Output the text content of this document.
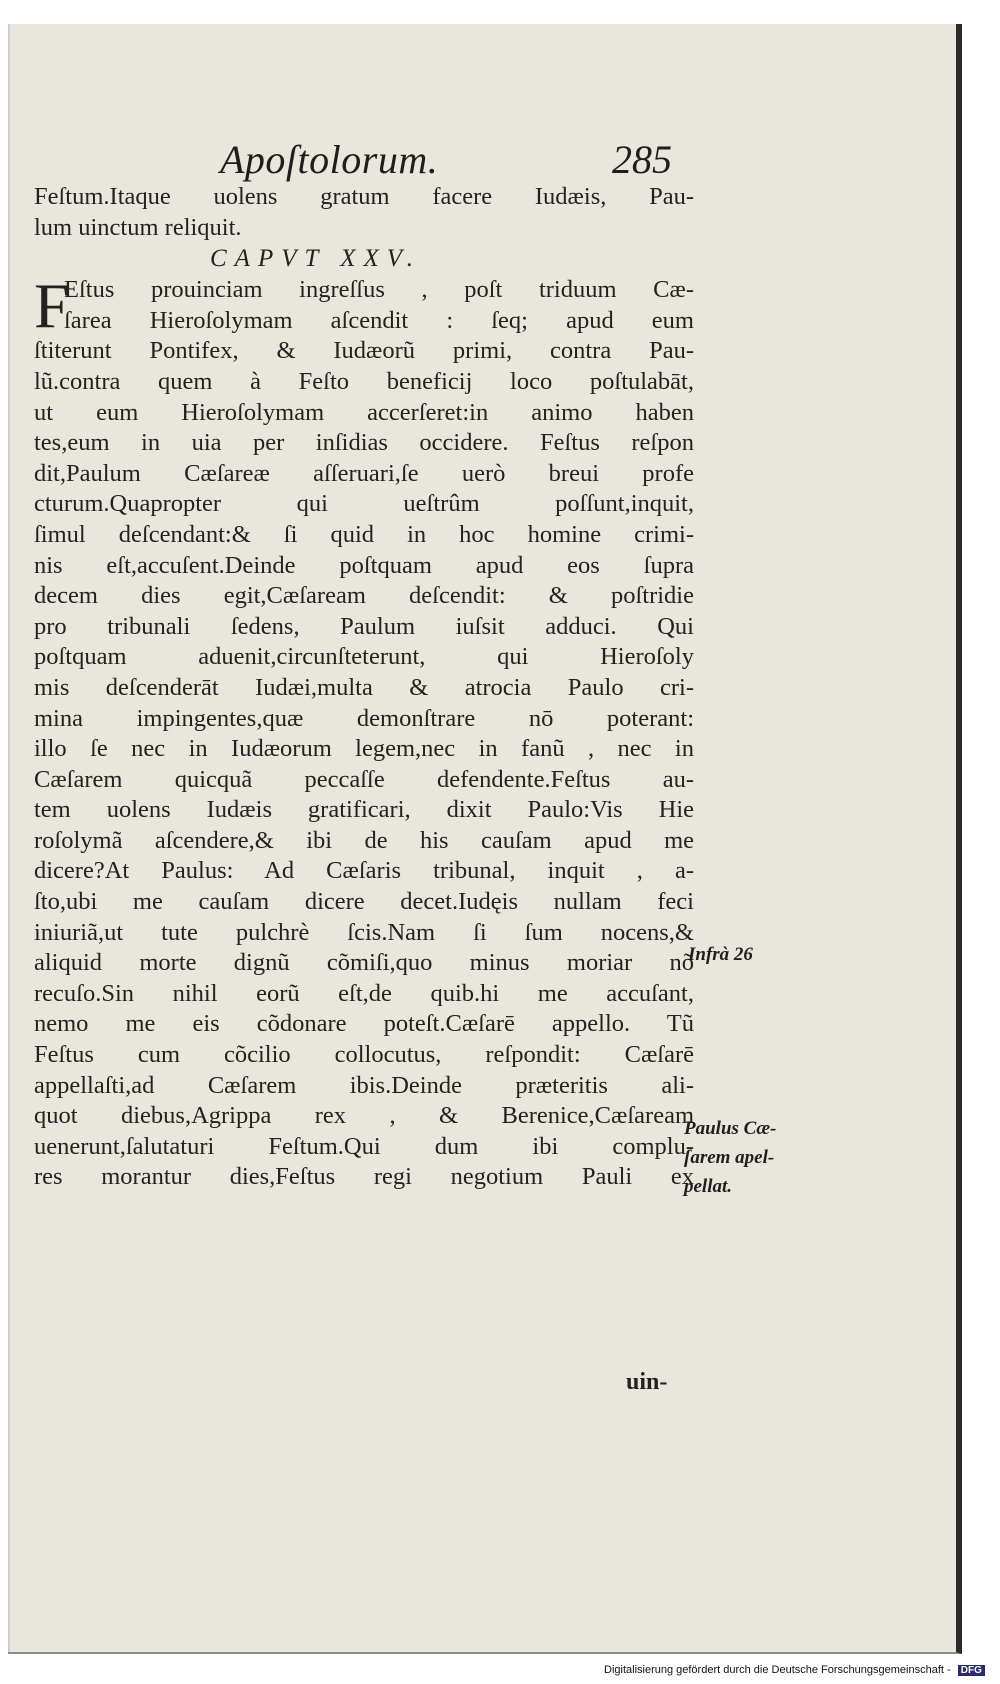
Apoſtolorum.	285
Feſtum.Itaque uolens gratum facere Iudæis, Pau-
lum uinctum reliquit.
CAPVT XXV.
F
Eſtus prouinciam ingreſſus , poſt triduum Cæ-
ſarea Hieroſolymam aſcendit : ſeq; apud eum
ſtiterunt Pontifex, & Iudæorũ primi, contra Pau-
lũ.contra quem à Feſto beneficij loco poſtulabāt,
ut eum Hieroſolymam accerſeret:in animo haben
tes,eum in uia per inſidias occidere. Feſtus reſpon
dit,Paulum Cæſareæ aſſeruari,ſe uerò breui profe
cturum.Quapropter qui ueſtrûm poſſunt,inquit,
ſimul deſcendant:& ſi quid in hoc homine crimi-
nis eſt,accuſent.Deinde poſtquam apud eos ſupra
decem dies egit,Cæſaream deſcendit: & poſtridie
pro tribunali ſedens, Paulum iuſsit adduci. Qui
poſtquam aduenit,circunſteterunt, qui Hieroſoly
mis deſcenderāt Iudæi,multa & atrocia Paulo cri-
mina impingentes,quæ demonſtrare nō poterant:
illo ſe nec in Iudæorum legem,nec in fanũ , nec in
Cæſarem quicquã peccaſſe defendente.Feſtus au-
tem uolens Iudæis gratificari, dixit Paulo:Vis Hie
roſolymã aſcendere,& ibi de his cauſam apud me
dicere?At Paulus: Ad Cæſaris tribunal, inquit , a-
ſto,ubi me cauſam dicere decet.Iudęis nullam feci
iniuriã,ut tute pulchrè ſcis.Nam ſi ſum nocens,&
aliquid morte dignũ cõmiſi,quo minus moriar nõ
recuſo.Sin nihil eorũ eſt,de quib.hi me accuſant,
nemo me eis cõdonare poteſt.Cæſarē appello. Tũ
Feſtus cum cõcilio collocutus, reſpondit: Cæſarē
appellaſti,ad Cæſarem ibis.Deinde præteritis ali-
quot diebus,Agrippa rex , & Berenice,Cæſaream
uenerunt,ſalutaturi Feſtum.Qui dum ibi complu-
res morantur dies,Feſtus regi negotium Pauli ex
Infrà 26
Paulus Cæ-
ſarem apel-
pellat.
uin-
Digitalisierung gefördert durch die Deutsche Forschungsgemeinschaft - DFG
